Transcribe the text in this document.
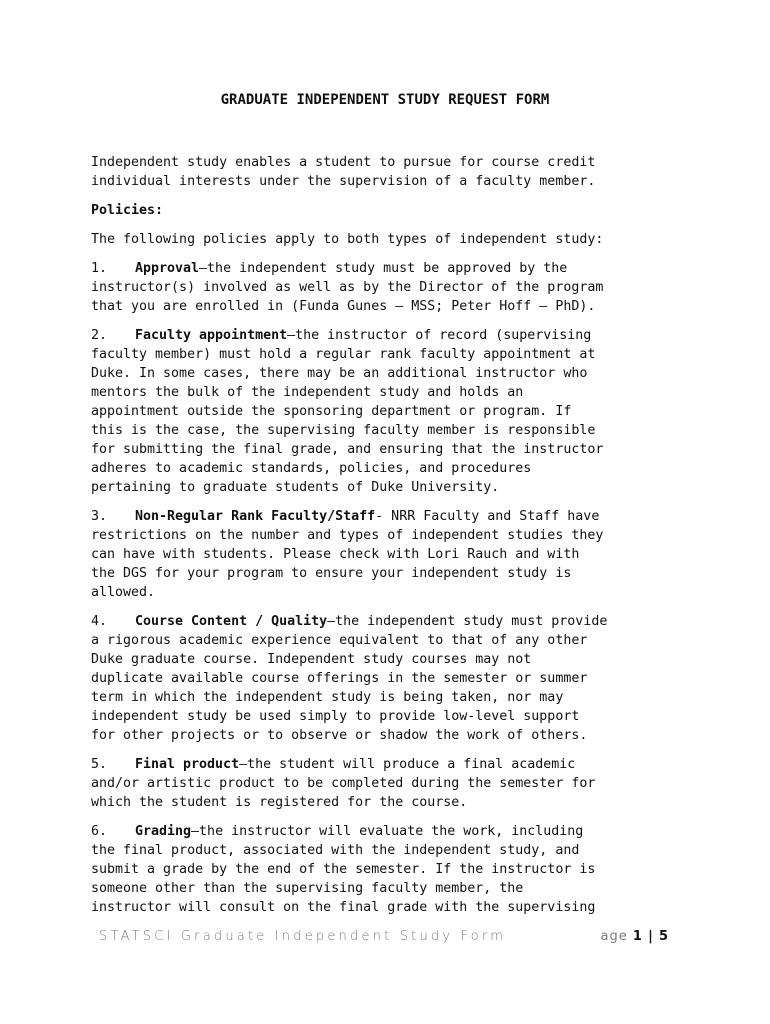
GRADUATE INDEPENDENT STUDY REQUEST FORM

Independent study enables a student to pursue for course credit
individual interests under the supervision of a faculty member.

Policies:

The following policies apply to both types of independent study:

1. Approval—the independent study must be approved by the
instructor(s) involved as well as by the Director of the program
that you are enrolled in (Funda Gunes – MSS; Peter Hoff – PhD).

2. Faculty appointment—the instructor of record (supervising
faculty member) must hold a regular rank faculty appointment at
Duke. In some cases, there may be an additional instructor who
mentors the bulk of the independent study and holds an
appointment outside the sponsoring department or program. If
this is the case, the supervising faculty member is responsible
for submitting the final grade, and ensuring that the instructor
adheres to academic standards, policies, and procedures
pertaining to graduate students of Duke University.

3. Non-Regular Rank Faculty/Staff- NRR Faculty and Staff have
restrictions on the number and types of independent studies they
can have with students. Please check with Lori Rauch and with
the DGS for your program to ensure your independent study is
allowed.

4. Course Content / Quality—the independent study must provide
a rigorous academic experience equivalent to that of any other
Duke graduate course. Independent study courses may not
duplicate available course offerings in the semester or summer
term in which the independent study is being taken, nor may
independent study be used simply to provide low-level support
for other projects or to observe or shadow the work of others.

5. Final product—the student will produce a final academic
and/or artistic product to be completed during the semester for
which the student is registered for the course.

6. Grading—the instructor will evaluate the work, including
the final product, associated with the independent study, and
submit a grade by the end of the semester. If the instructor is
someone other than the supervising faculty member, the
instructor will consult on the final grade with the supervising

STATSCI Graduate Independent Study Form	age 1 | 5
